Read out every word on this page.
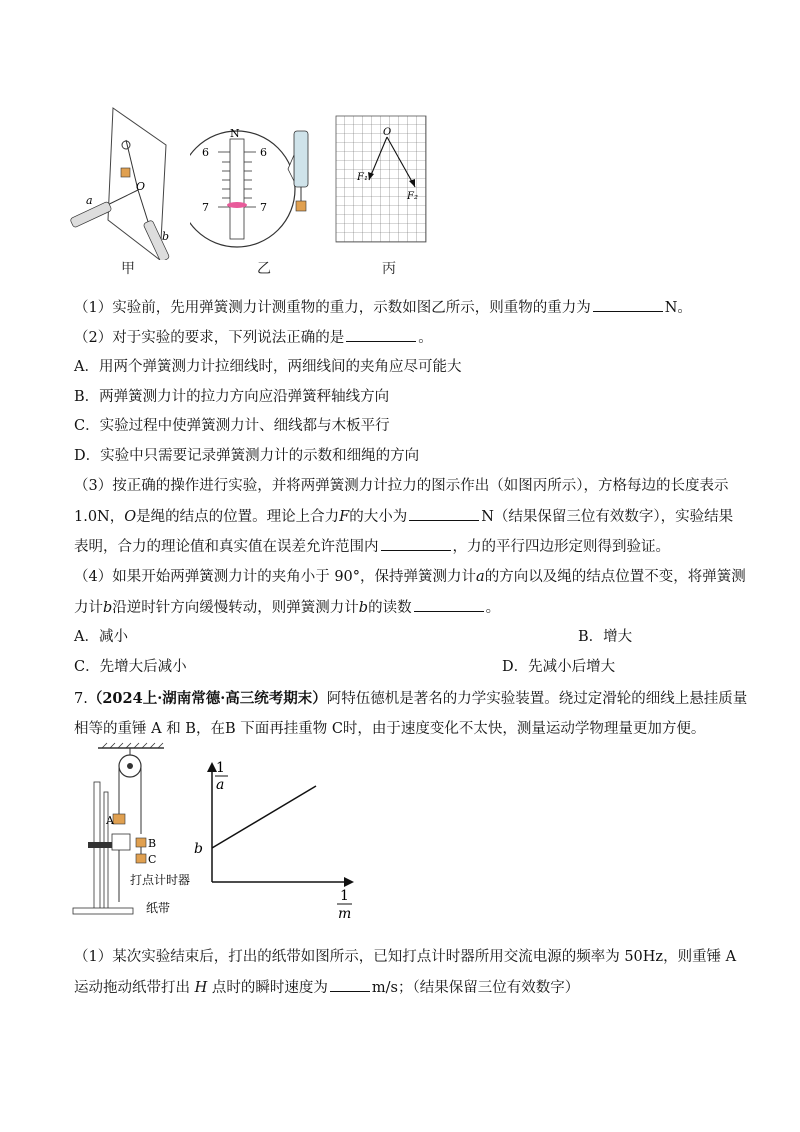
a
b
O
甲
N
6	6
7	7
乙
O
F₁
F₂
丙
（1）实验前，先用弹簧测力计测重物的重力，示数如图乙所示，则重物的重力为	N。
（2）对于实验的要求，下列说法正确的是	。
A．用两个弹簧测力计拉细线时，两细线间的夹角应尽可能大
B．两弹簧测力计的拉力方向应沿弹簧秤轴线方向
C．实验过程中使弹簧测力计、细线都与木板平行
D．实验中只需要记录弹簧测力计的示数和细绳的方向
（3）按正确的操作进行实验，并将两弹簧测力计拉力的图示作出（如图丙所示），方格每边的长度表示
1.0N，O是绳的结点的位置。理论上合力F的大小为	N（结果保留三位有效数字），实验结果
表明，合力的理论值和真实值在误差允许范围内	，力的平行四边形定则得到验证。
（4）如果开始两弹簧测力计的夹角小于 90°，保持弹簧测力计a的方向以及绳的结点位置不变，将弹簧测
力计b沿逆时针方向缓慢转动，则弹簧测力计b的读数	。
A．减小	B．增大
C．先增大后减小	D．先减小后增大
7.（2024上·湖南常德·高三统考期末）阿特伍德机是著名的力学实验装置。绕过定滑轮的细线上悬挂质量
相等的重锤 A 和 B，在B 下面再挂重物 C时，由于速度变化不太快，测量运动学物理量更加方便。
A
B
C
打点计时器
纸带
1
a
b
1
m
（1）某次实验结束后，打出的纸带如图所示，已知打点计时器所用交流电源的频率为 50Hz，则重锤 A
运动拖动纸带打出 H 点时的瞬时速度为	m/s；（结果保留三位有效数字）
